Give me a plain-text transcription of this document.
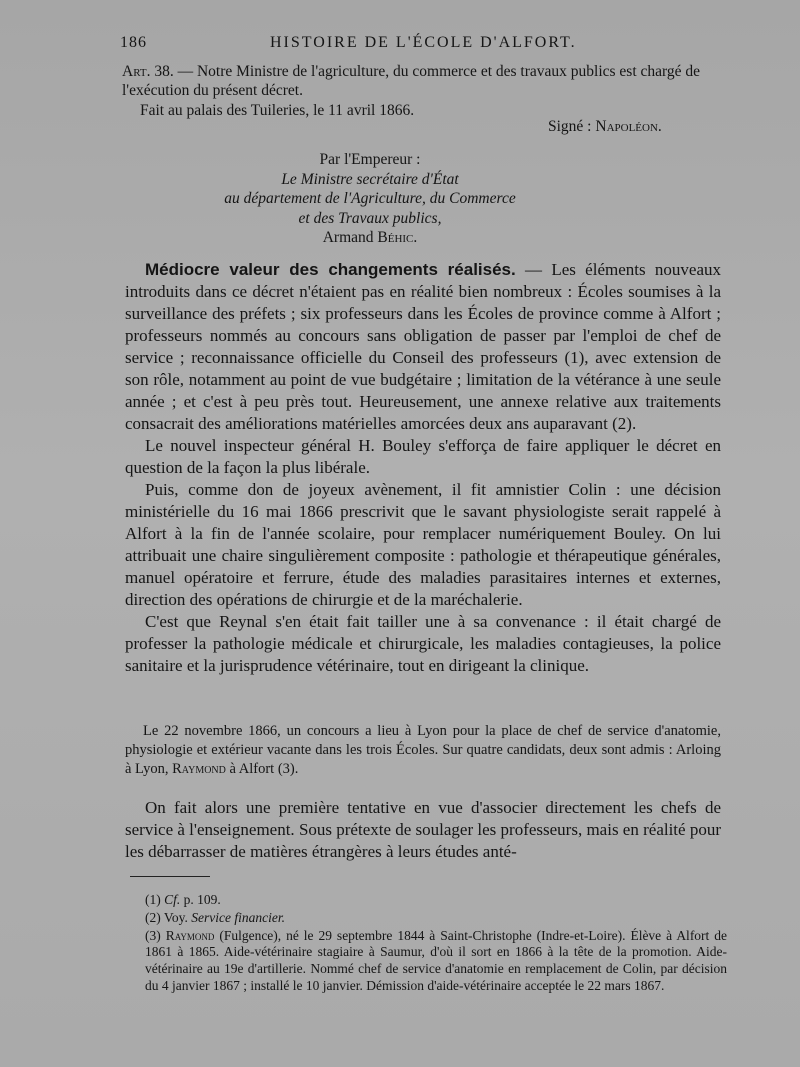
186	HISTOIRE DE L'ÉCOLE D'ALFORT.
Art. 38. — Notre Ministre de l'agriculture, du commerce et des travaux publics est chargé de l'exécution du présent décret.
Fait au palais des Tuileries, le 11 avril 1866.
Signé : Napoléon.
Par l'Empereur :
Le Ministre secrétaire d'État
au département de l'Agriculture, du Commerce
et des Travaux publics,
Armand Béhic.

Médiocre valeur des changements réalisés. — Les éléments nouveaux introduits dans ce décret n'étaient pas en réalité bien nombreux : Écoles soumises à la surveillance des préfets ; six professeurs dans les Écoles de province comme à Alfort ; professeurs nommés au concours sans obligation de passer par l'emploi de chef de service ; reconnaissance officielle du Conseil des professeurs (1), avec extension de son rôle, notamment au point de vue budgétaire ; limitation de la vétérance à une seule année ; et c'est à peu près tout. Heureusement, une annexe relative aux traitements consacrait des améliorations matérielles amorcées deux ans auparavant (2).

Le nouvel inspecteur général H. Bouley s'efforça de faire appliquer le décret en question de la façon la plus libérale.

Puis, comme don de joyeux avènement, il fit amnistier Colin : une décision ministérielle du 16 mai 1866 prescrivit que le savant physiologiste serait rappelé à Alfort à la fin de l'année scolaire, pour remplacer numériquement Bouley. On lui attribuait une chaire singulièrement composite : pathologie et thérapeutique générales, manuel opératoire et ferrure, étude des maladies parasitaires internes et externes, direction des opérations de chirurgie et de la maréchalerie.

C'est que Reynal s'en était fait tailler une à sa convenance : il était chargé de professer la pathologie médicale et chirurgicale, les maladies contagieuses, la police sanitaire et la jurisprudence vétérinaire, tout en dirigeant la clinique.

Le 22 novembre 1866, un concours a lieu à Lyon pour la place de chef de service d'anatomie, physiologie et extérieur vacante dans les trois Écoles. Sur quatre candidats, deux sont admis : Arloing à Lyon, Raymond à Alfort (3).

On fait alors une première tentative en vue d'associer directement les chefs de service à l'enseignement. Sous prétexte de soulager les professeurs, mais en réalité pour les débarrasser de matières étrangères à leurs études anté-

(1) Cf. p. 109.
(2) Voy. Service financier.
(3) Raymond (Fulgence), né le 29 septembre 1844 à Saint-Christophe (Indre-et-Loire). Élève à Alfort de 1861 à 1865. Aide-vétérinaire stagiaire à Saumur, d'où il sort en 1866 à la tête de la promotion. Aide-vétérinaire au 19e d'artillerie. Nommé chef de service d'anatomie en remplacement de Colin, par décision du 4 janvier 1867 ; installé le 10 janvier. Démission d'aide-vétérinaire acceptée le 22 mars 1867.
